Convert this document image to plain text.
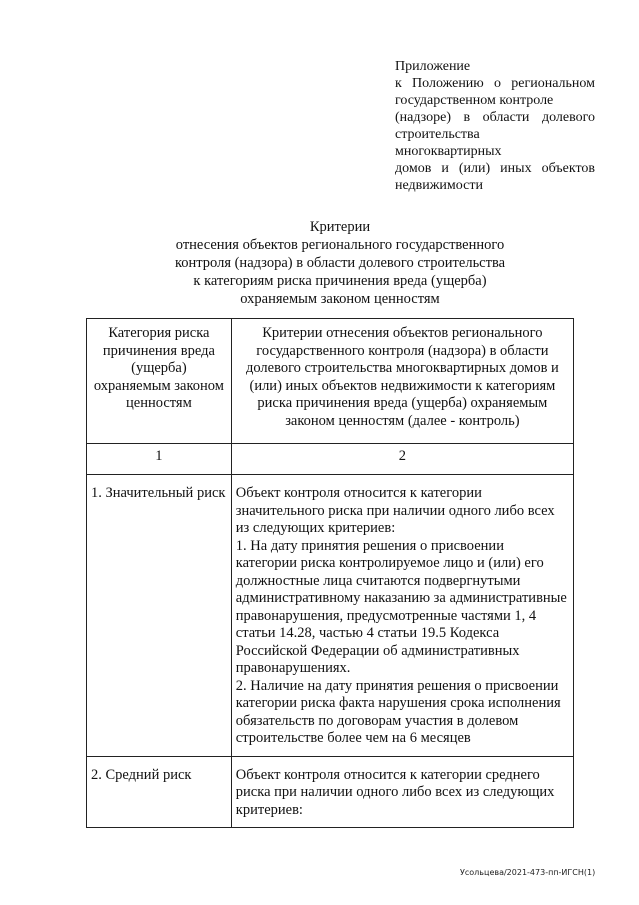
Приложение
к Положению о региональном
государственном контроле
(надзоре) в области долевого
строительства
многоквартирных
домов и (или) иных объектов
недвижимости
Критерии
отнесения объектов регионального государственного
контроля (надзора) в области долевого строительства
к категориям риска причинения вреда (ущерба)
охраняемым законом ценностям
Категория риска причинения вреда (ущерба) охраняемым законом ценностям	Критерии отнесения объектов регионального государственного контроля (надзора) в области долевого строительства многоквартирных домов и (или) иных объектов недвижимости к категориям риска причинения вреда (ущерба) охраняемым законом ценностям (далее - контроль)
1	2
1. Значительный риск	Объект контроля относится к категории значительного риска при наличии одного либо всех из следующих критериев:
1. На дату принятия решения о присвоении категории риска контролируемое лицо и (или) его должностные лица считаются подвергнутыми административному наказанию за административные правонарушения, предусмотренные частями 1, 4 статьи 14.28, частью 4 статьи 19.5 Кодекса Российской Федерации об административных правонарушениях.
2. Наличие на дату принятия решения о присвоении категории риска факта нарушения срока исполнения обязательств по договорам участия в долевом строительстве более чем на 6 месяцев

2. Средний риск	Объект контроля относится к категории среднего риска при наличии одного либо всех из следующих критериев:
Усольцева/2021-473-пп-ИГСН(1)
